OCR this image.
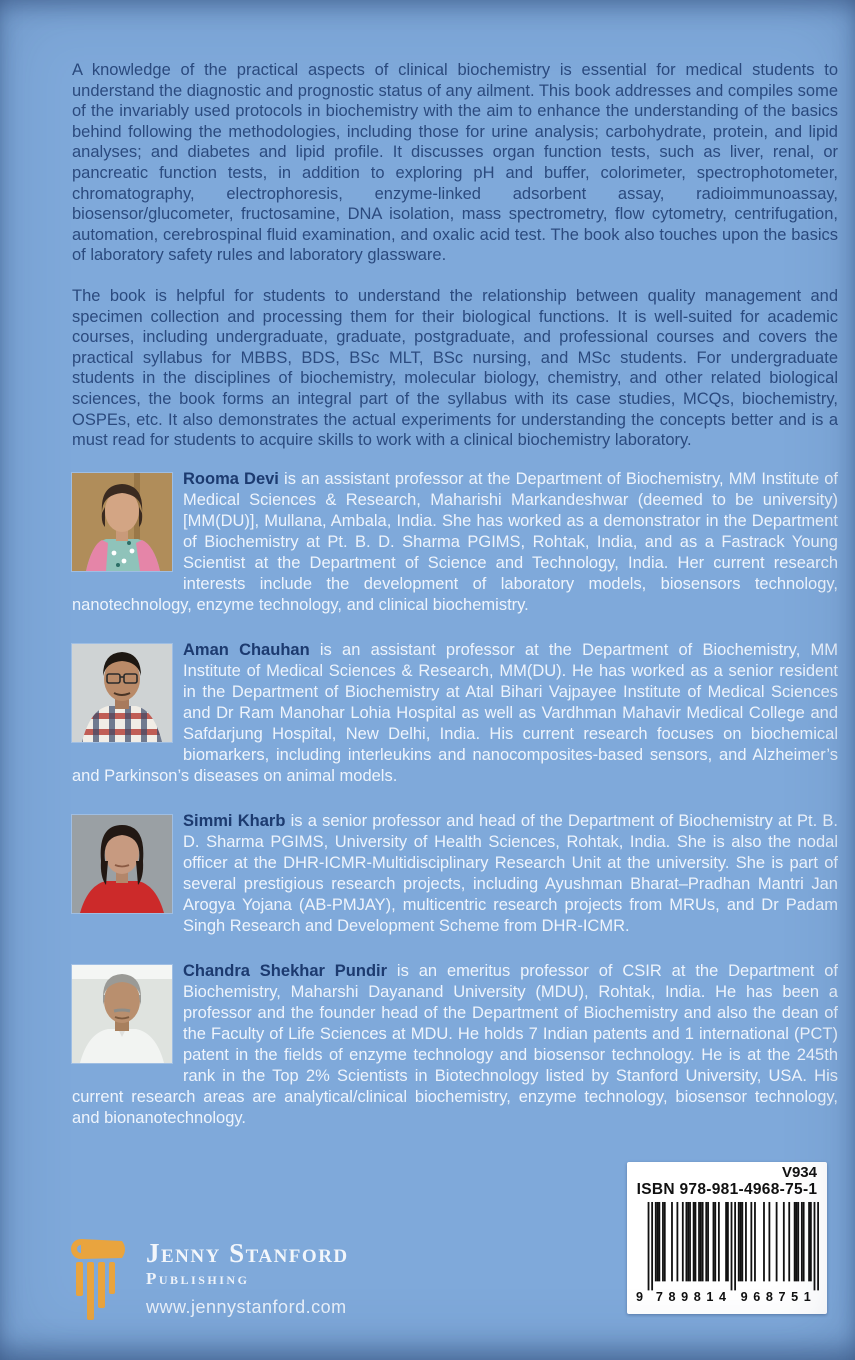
A knowledge of the practical aspects of clinical biochemistry is essential for medical students to understand the diagnostic and prognostic status of any ailment. This book addresses and compiles some of the invariably used protocols in biochemistry with the aim to enhance the understanding of the basics behind following the methodologies, including those for urine analysis; carbohydrate, protein, and lipid analyses; and diabetes and lipid profile. It discusses organ function tests, such as liver, renal, or pancreatic function tests, in addition to exploring pH and buffer, colorimeter, spectrophotometer, chromatography, electrophoresis, enzyme-linked adsorbent assay, radioimmunoassay, biosensor/glucometer, fructosamine, DNA isolation, mass spectrometry, flow cytometry, centrifugation, automation, cerebrospinal fluid examination, and oxalic acid test. The book also touches upon the basics of laboratory safety rules and laboratory glassware.

The book is helpful for students to understand the relationship between quality management and specimen collection and processing them for their biological functions. It is well-suited for academic courses, including undergraduate, graduate, postgraduate, and professional courses and covers the practical syllabus for MBBS, BDS, BSc MLT, BSc nursing, and MSc students. For undergraduate students in the disciplines of biochemistry, molecular biology, chemistry, and other related biological sciences, the book forms an integral part of the syllabus with its case studies, MCQs, biochemistry, OSPEs, etc. It also demonstrates the actual experiments for understanding the concepts better and is a must read for students to acquire skills to work with a clinical biochemistry laboratory.

Rooma Devi is an assistant professor at the Department of Biochemistry, MM Institute of Medical Sciences & Research, Maharishi Markandeshwar (deemed to be university) [MM(DU)], Mullana, Ambala, India. She has worked as a demonstrator in the Department of Biochemistry at Pt. B. D. Sharma PGIMS, Rohtak, India, and as a Fastrack Young Scientist at the Department of Science and Technology, India. Her current research interests include the development of laboratory models, biosensors technology, nanotechnology, enzyme technology, and clinical biochemistry.

Aman Chauhan is an assistant professor at the Department of Biochemistry, MM Institute of Medical Sciences & Research, MM(DU). He has worked as a senior resident in the Department of Biochemistry at Atal Bihari Vajpayee Institute of Medical Sciences and Dr Ram Manohar Lohia Hospital as well as Vardhman Mahavir Medical College and Safdarjung Hospital, New Delhi, India. His current research focuses on biochemical biomarkers, including interleukins and nanocomposites-based sensors, and Alzheimer’s and Parkinson’s diseases on animal models.

Simmi Kharb is a senior professor and head of the Department of Biochemistry at Pt. B. D. Sharma PGIMS, University of Health Sciences, Rohtak, India. She is also the nodal officer at the DHR-ICMR-Multidisciplinary Research Unit at the university. She is part of several prestigious research projects, including Ayushman Bharat–Pradhan Mantri Jan Arogya Yojana (AB-PMJAY), multicentric research projects from MRUs, and Dr Padam Singh Research and Development Scheme from DHR-ICMR.

Chandra Shekhar Pundir is an emeritus professor of CSIR at the Department of Biochemistry, Maharshi Dayanand University (MDU), Rohtak, India. He has been a professor and the founder head of the Department of Biochemistry and also the dean of the Faculty of Life Sciences at MDU. He holds 7 Indian patents and 1 international (PCT) patent in the fields of enzyme technology and biosensor technology. He is at the 245th rank in the Top 2% Scientists in Biotechnology listed by Stanford University, USA. His current research areas are analytical/clinical biochemistry, enzyme technology, biosensor technology, and bionanotechnology.

Jenny Stanford
Publishing
www.jennystanford.com
V934
ISBN 978-981-4968-75-1
9 7 8 9 8 1 4 9 6 8 7 5 1
